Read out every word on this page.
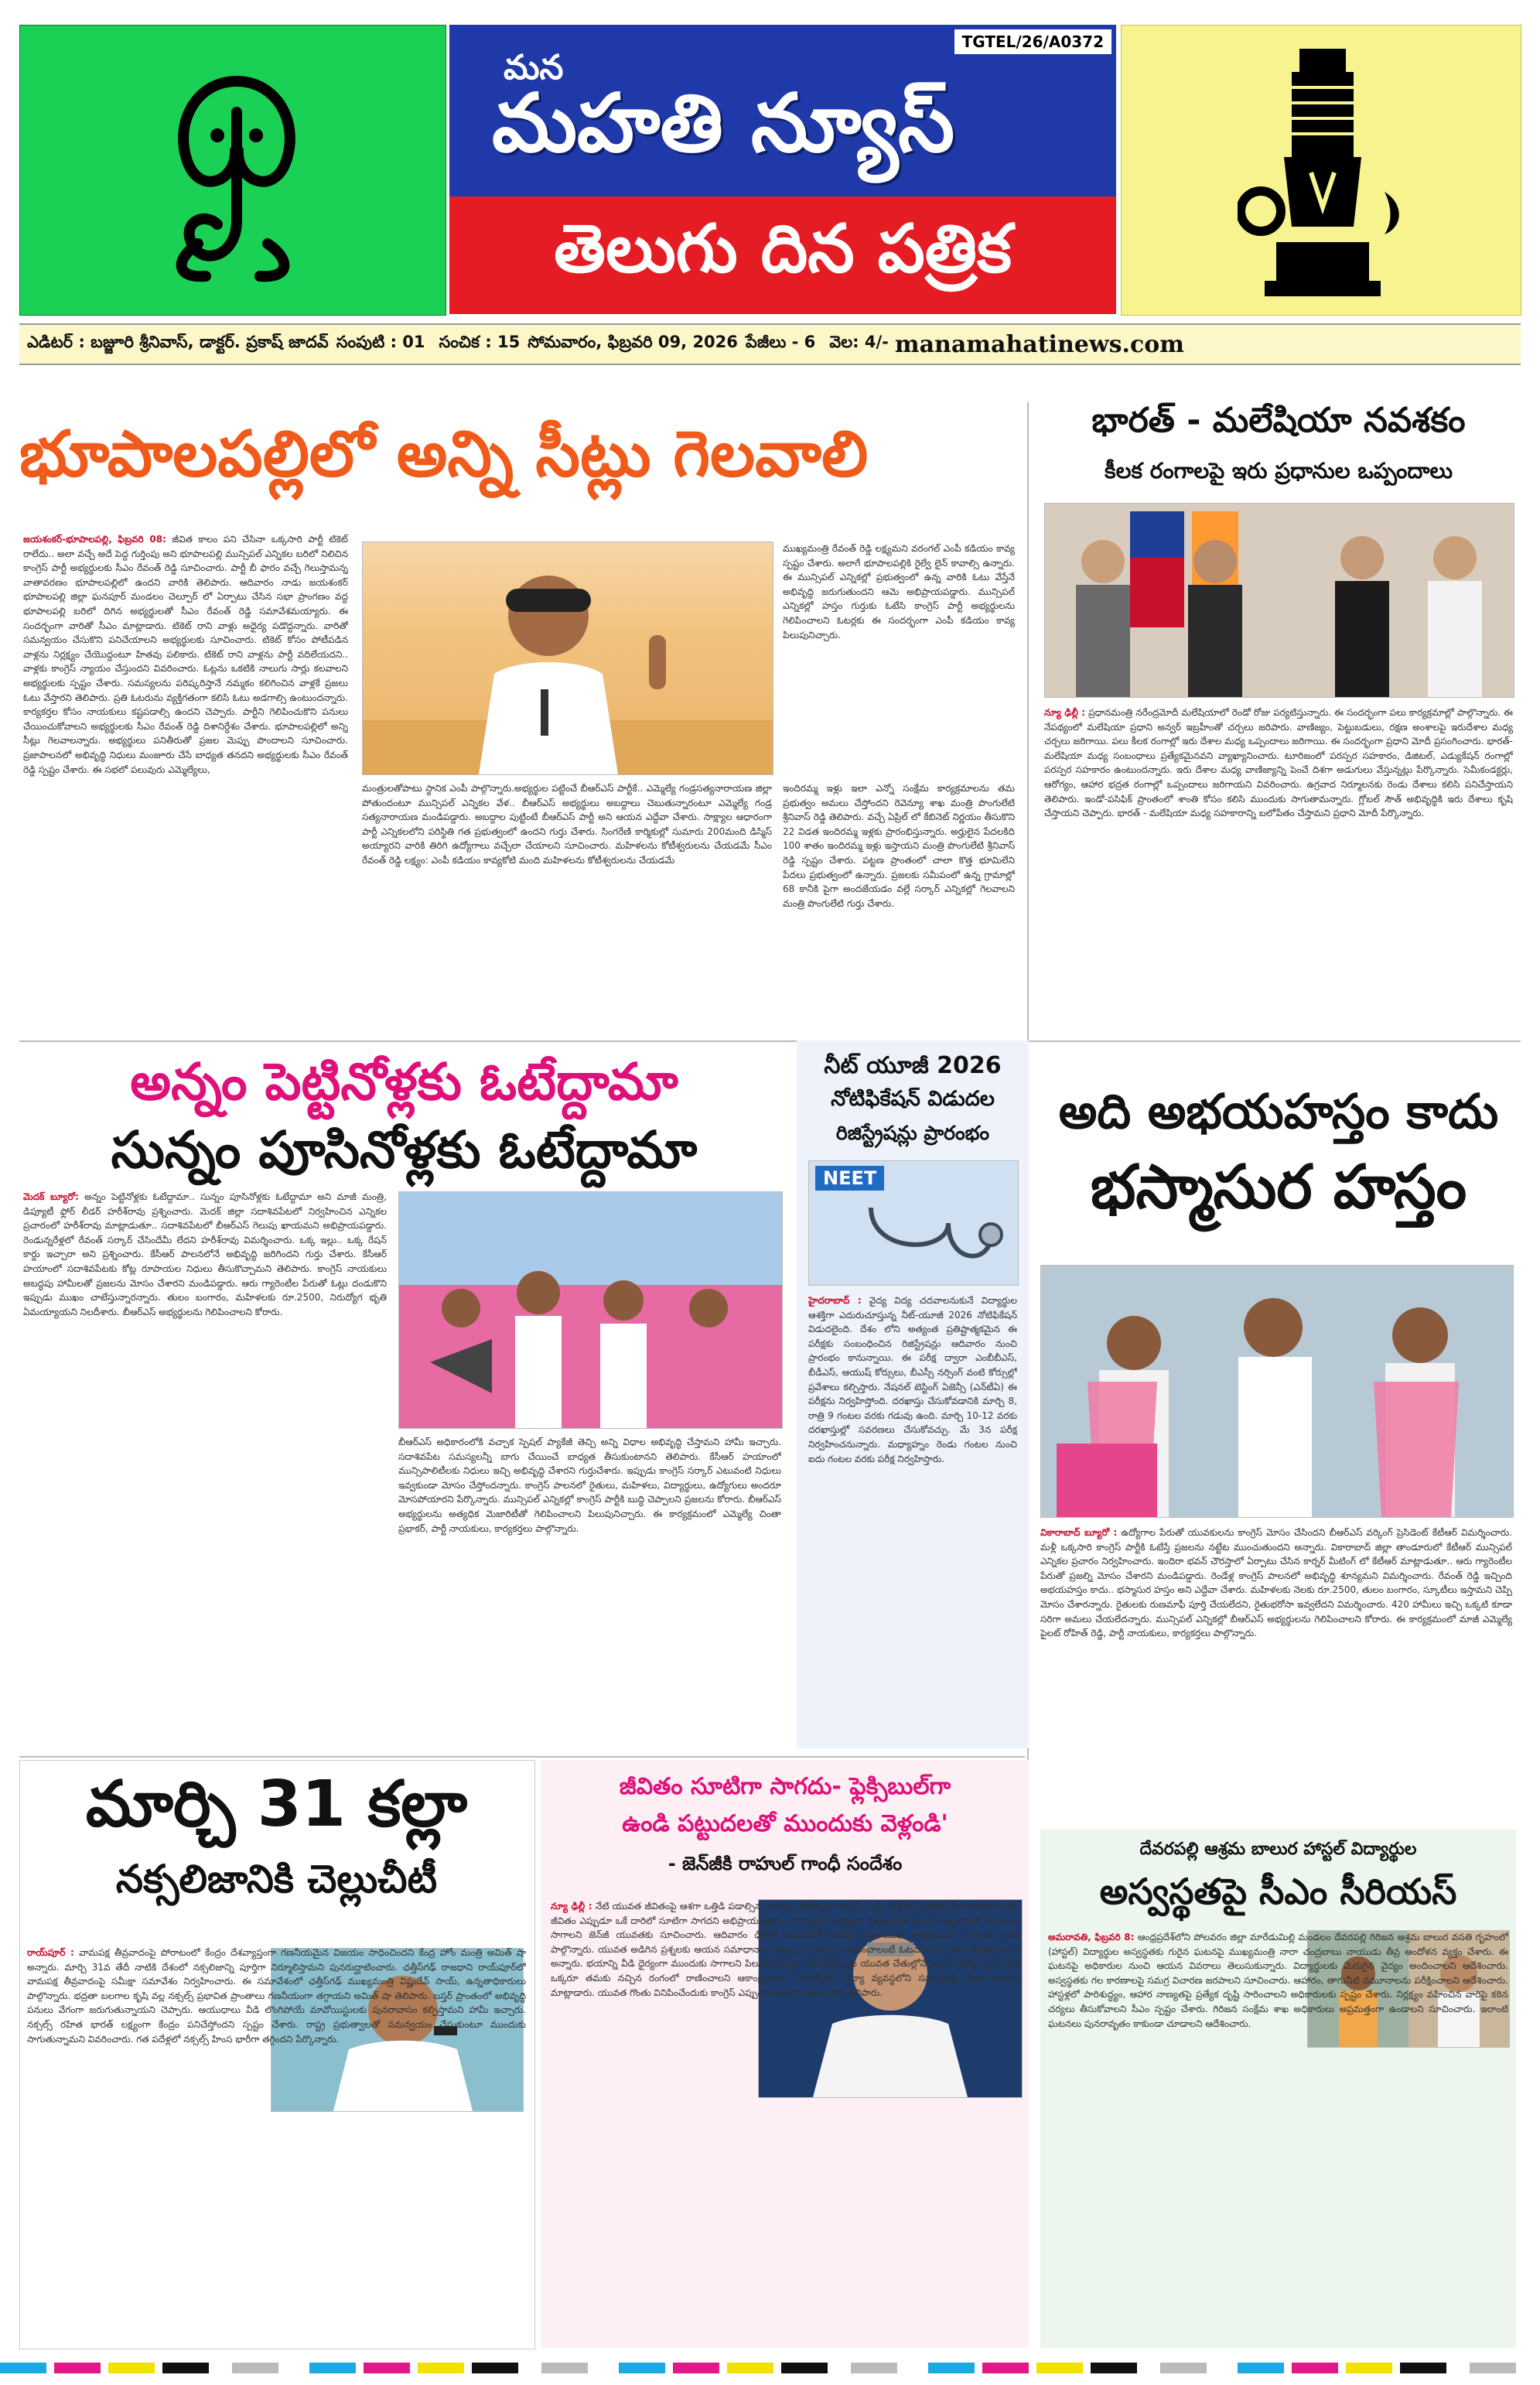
TGTEL/26/A0372
మన
మహతి న్యూస్
తెలుగు దిన పత్రిక
ఎడిటర్ : బజ్జూరి శ్రీనివాస్, డాక్టర్. ప్రకాష్ జాదవ్ సంపుటి : 01 సంచిక : 15 సోమవారం, ఫిబ్రవరి 09, 2026 పేజీలు - 6 వెల: 4/- manamahatinews.com
భూపాలపల్లిలో అన్ని సీట్లు గెలవాలి
జయశంకర్-భూపాలపల్లి, ఫిబ్రవరి 08: జీవిత కాలం పని చేసినా ఒక్కసారి పార్టీ టికెట్ రాలేదు.. అలా వచ్చే అదే పెద్ద గుర్తింపు అని భూపాలపల్లి మున్సిపల్ ఎన్నికల బరిలో నిలిచిన కాంగ్రెస్ పార్టీ అభ్యర్థులకు సీఎం రేవంత్ రెడ్డి సూచించారు. పార్టీ బీ ఫారం వచ్చే గెలుస్తామన్న వాతావరణం భూపాలపల్లిలో ఉందని వారికి తెలిపారు. ఆదివారం నాడు జయశంకర్ భూపాలపల్లి జిల్లా ఘనపూర్ మండలం చెల్పూర్ లో ఏర్పాటు చేసిన సభా ప్రాంగణం వద్ద భూపాలపల్లి బరిలో దిగిన అభ్యర్థులతో సీఎం రేవంత్ రెడ్డి సమావేశమయ్యారు. ఈ సందర్భంగా వారితో సీఎం మాట్లాడారు. టికెట్ రాని వాళ్లు అధైర్య పడొద్దన్నారు. వారితో సమన్వయం చేసుకొని పనిచేయాలని అభ్యర్థులకు సూచించారు. టికెట్ కోసం పోటీపడిన వాళ్లను నిర్లక్ష్యం చేయొద్దంటూ హితవు పలికారు. టికెట్ రాని వాళ్లను పార్టీ వదిలేయదని.. వాళ్లకు కాంగ్రెస్ న్యాయం చేస్తుందని వివరించారు. ఓట్లను ఒకటికి నాలుగు సార్లు కలవాలని అభ్యర్థులకు స్పష్టం చేశారు. సమస్యలను పరిష్కరిస్తానే నమ్మకం కలిగించిన వాళ్లకే ప్రజలు ఓటు వేస్తారని తెలిపారు. ప్రతి ఓటరును వ్యక్తిగతంగా కలిసి ఓటు అడగాల్సి ఉంటుందన్నారు. కార్యకర్తల కోసం నాయకులు కష్టపడాల్సి ఉందని చెప్పారు. పార్టీని గెలిపించుకొని పనులు చేయించుకోవాలని అభ్యర్థులకు సీఎం రేవంత్ రెడ్డి దిశానిర్దేశం చేశారు. భూపాలపల్లిలో అన్ని సీట్లు గెలవాలన్నారు. అభ్యర్థులు పనితీరుతో ప్రజల మెప్పు పొందాలని సూచించారు. ప్రజాపాలనలో అభివృద్ధి నిధులు మంజూరు చేసే బాధ్యత తనదని అభ్యర్థులకు సీఎం రేవంత్ రెడ్డి స్పష్టం చేశారు. ఈ సభలో పలువురు ఎమ్మెల్యేలు,
మంత్రులతోపాటు స్థానిక ఎంపీ పాల్గొన్నారు.అభ్యర్థుల పట్టించే బీఆర్ఎస్ పార్టీకే.. ఎమ్మెల్యే గండ్రసత్యనారాయణ జిల్లా పోతుందంటూ మున్సిపల్ ఎన్నికల వేళ.. బీఆర్ఎస్ అభ్యర్థులు అబద్దాలు చెబుతున్నారంటూ ఎమ్మెల్యే గండ్ర సత్యనారాయణ మండిపడ్డారు. అబద్దాల పుట్టింటే బీఆర్ఎస్ పార్టీ అని ఆయన ఎద్దేవా చేశారు. సాక్ష్యాల ఆధారంగా పార్టీ ఎన్నికలలోని పరిస్థితి గత ప్రభుత్వంలో ఉందని గుర్తు చేశారు. సింగరేణి కార్మికుల్లో సుమారు 200మంది డిస్మిస్ అయ్యారని వారికి తిరిగి ఉద్యోగాలు వచ్చేలా చేయాలని సూచించారు. మహిళలను కోటీశ్వరులను చేయడమే సీఎం రేవంత్ రెడ్డి లక్ష్యం: ఎంపీ కడియం కావ్యకోటి మంది మహిళలను కోటీశ్వరులను చేయడమే
ముఖ్యమంత్రి రేవంత్ రెడ్డి లక్ష్యమని వరంగల్ ఎంపీ కడియం కావ్య స్పష్టం చేశారు. అలాగే భూపాలపల్లికి రైల్వే లైన్ కావాల్సి ఉన్నారు. ఈ మున్సిపల్ ఎన్నికల్లో ప్రభుత్వంలో ఉన్న వారికి ఓటు వేస్తేనే అభివృద్ధి జరుగుతుందని ఆమె అభిప్రాయపడ్డారు. మున్సిపల్ ఎన్నికల్లో హస్తం గుర్తుకు ఓటేసి కాంగ్రెస్ పార్టీ అభ్యర్థులను గెలిపించాలని ఓటర్లకు ఈ సందర్భంగా ఎంపీ కడియం కావ్య పిలుపునిచ్చారు.
ఇందిరమ్మ ఇళ్లు ఇలా ఎన్నో సంక్షేమ కార్యక్రమాలను తమ ప్రభుత్వం అమలు చేస్తోందని రెవెన్యూ శాఖ మంత్రి పొంగులేటి శ్రీనివాస్ రెడ్డి తెలిపారు. వచ్చే ఏప్రిల్ లో కేబినెట్ నిర్ణయం తీసుకొని 22 విడత ఇందిరమ్మ ఇళ్లకు ప్రారంభిస్తున్నారు. అర్హులైన పేదలకిది 100 శాతం ఇందిరమ్మ ఇళ్లు ఇస్తాయని మంత్రి పొంగులేటి శ్రీనివాస్ రెడ్డి స్పష్టం చేశారు. పట్టణ ప్రాంతంలో చాలా కొత్త భూమిలేని పేదలు ప్రభుత్వంలో ఉన్నారు. ప్రజలకు సమీపంలో ఉన్న గ్రామాల్లో 68 కానీకి పైగా అందజేయడం వల్లే సర్కార్ ఎన్నికల్లో గెలవాలని మంత్రి పొంగులేటి గుర్తు చేశారు.
భారత్ - మలేషియా నవశకం
కీలక రంగాలపై ఇరు ప్రధానుల ఒప్పందాలు
న్యూ ఢిల్లీ : ప్రధానమంత్రి నరేంద్రమోదీ మలేషియాలో రెండో రోజు పర్యటిస్తున్నారు. ఈ సందర్భంగా పలు కార్యక్రమాల్లో పాల్గొన్నారు. ఈ నేపథ్యంలో మలేషియా ప్రధాని అన్వర్ ఇబ్రహీంతో చర్చలు జరిపారు. వాణిజ్యం, పెట్టుబడులు, రక్షణ అంశాలపై ఇరుదేశాల మధ్య చర్చలు జరిగాయి. పలు కీలక రంగాల్లో ఇరు దేశాల మధ్య ఒప్పందాలు జరిగాయి. ఈ సందర్భంగా ప్రధాని మోదీ ప్రసంగించారు. భారత్-మలేషియా మధ్య సంబంధాలు ప్రత్యేకమైనవని వ్యాఖ్యానించారు. టూరిజంలో పరస్పర సహకారం, డిజిటల్, ఎడ్యుకేషన్ రంగాల్లో పరస్పర సహకారం ఉంటుందన్నారు. ఇరు దేశాల మధ్య వాణిజ్యాన్ని పెంచే దిశగా అడుగులు వేస్తున్నట్లు పేర్కొన్నారు. సెమీకండక్టర్లు, ఆరోగ్యం, ఆహార భద్రత రంగాల్లో ఒప్పందాలు జరిగాయని వివరించారు. ఉగ్రవాద నిర్మూలనకు రెండు దేశాలు కలిసి పనిచేస్తాయని తెలిపారు. ఇండో-పసిఫిక్ ప్రాంతంలో శాంతి కోసం కలిసి ముందుకు సాగుతామన్నారు. గ్లోబల్ సౌత్ అభివృద్ధికి ఇరు దేశాలు కృషి చేస్తాయని చెప్పారు. భారత్ - మలేషియా మధ్య సహకారాన్ని బలోపేతం చేస్తామని ప్రధాని మోదీ పేర్కొన్నారు.
అన్నం పెట్టినోళ్లకు ఓటేద్దామా
సున్నం పూసినోళ్లకు ఓటేద్దామా
మెదక్ బ్యూరో: అన్నం పెట్టినోళ్లకు ఓటేద్దామా.. సున్నం పూసినోళ్లకు ఓటేద్దామా అని మాజీ మంత్రి, డిప్యూటీ ఫ్లోర్ లీడర్ హరీశ్‌రావు ప్రశ్నించారు. మెదక్ జిల్లా సదాశివపేటలో నిర్వహించిన ఎన్నికల ప్రచారంలో హరీశ్‌రావు మాట్లాడుతూ.. సదాశివపేటలో బీఆర్ఎస్ గెలుపు ఖాయమని అభిప్రాయపడ్డారు. రెండున్నరేళ్లలో రేవంత్ సర్కార్ చేసిందేమీ లేదని హరీశ్‌రావు విమర్శించారు. ఒక్క ఇల్లు.. ఒక్క రేషన్ కార్డు ఇచ్చారా అని ప్రశ్నించారు. కేసీఆర్ పాలనలోనే అభివృద్ధి జరిగిందని గుర్తు చేశారు. కేసీఆర్ హయాంలో సదాశివపేటకు కోట్ల రూపాయల నిధులు తీసుకొచ్చామని తెలిపారు. కాంగ్రెస్ నాయకులు అబద్ధపు హామీలతో ప్రజలను మోసం చేశారని మండిపడ్డారు. ఆరు గ్యారెంటీల పేరుతో ఓట్లు దండుకొని ఇప్పుడు ముఖం చాటేస్తున్నారన్నారు. తులం బంగారం, మహిళలకు రూ.2500, నిరుద్యోగ భృతి ఏమయ్యాయని నిలదీశారు. బీఆర్ఎస్ అభ్యర్థులను గెలిపించాలని కోరారు.
బీఆర్ఎస్ అధికారంలోకి వచ్చాక స్పెషల్ ప్యాకేజీ తెచ్చి అన్ని విధాల అభివృద్ధి చేస్తామని హామీ ఇచ్చారు. సదాశివపేట సమస్యలన్నీ బాగు చేయించే బాధ్యత తీసుకుంటానని తెలిపారు. కేసీఆర్ హయాంలో మున్సిపాలిటీలకు నిధులు ఇచ్చి అభివృద్ధి చేశారని గుర్తుచేశారు. ఇప్పుడు కాంగ్రెస్ సర్కార్ ఎటువంటి నిధులు ఇవ్వకుండా మోసం చేస్తోందన్నారు. కాంగ్రెస్ పాలనలో రైతులు, మహిళలు, విద్యార్థులు, ఉద్యోగులు అందరూ మోసపోయారని పేర్కొన్నారు. మున్సిపల్ ఎన్నికల్లో కాంగ్రెస్ పార్టీకి బుద్ధి చెప్పాలని ప్రజలను కోరారు. బీఆర్ఎస్ అభ్యర్థులను అత్యధిక మెజారిటీతో గెలిపించాలని పిలుపునిచ్చారు. ఈ కార్యక్రమంలో ఎమ్మెల్యే చింతా ప్రభాకర్, పార్టీ నాయకులు, కార్యకర్తలు పాల్గొన్నారు.
నీట్ యూజీ 2026
నోటిఫికేషన్ విడుదల
రిజిస్ట్రేషన్లు ప్రారంభం
NEET
హైదరాబాద్ : వైద్య విద్య చదవాలనుకునే విద్యార్థుల ఆశక్తిగా ఎదురుచూస్తున్న నీట్-యూజీ 2026 నోటిఫికేషన్ విడుదలైంది. దేశం లోని అత్యంత ప్రతిష్టాత్మకమైన ఈ పరీక్షకు సంబంధించిన రిజిస్ట్రేషన్లు ఆదివారం నుంచి ప్రారంభం కానున్నాయి. ఈ పరీక్ష ద్వారా ఎంబీబీఎస్, బీడీఎస్, ఆయుష్ కోర్సులు, బీఎస్సీ నర్సింగ్ వంటి కోర్సుల్లో ప్రవేశాలు కల్పిస్తారు. నేషనల్ టెస్టింగ్ ఏజెన్సీ (ఎన్‌టీఏ) ఈ పరీక్షను నిర్వహిస్తోంది. దరఖాస్తు చేసుకోవడానికి మార్చి 8, రాత్రి 9 గంటల వరకు గడువు ఉంది. మార్చి 10-12 వరకు దరఖాస్తుల్లో సవరణలు చేసుకోవచ్చు. మే 3న పరీక్ష నిర్వహించనున్నారు. మధ్యాహ్నం రెండు గంటల నుంచి ఐదు గంటల వరకు పరీక్ష నిర్వహిస్తారు.
అది అభయహస్తం కాదు
భస్మాసుర హస్తం
వికారాబాద్ బ్యూరో : ఉద్యోగాల పేరుతో యువకులను కాంగ్రెస్ మోసం చేసిందని బీఆర్ఎస్ వర్కింగ్ ప్రెసిడెంట్ కేటీఆర్ విమర్శించారు. మళ్లీ ఒక్కసారి కాంగ్రెస్ పార్టీకి ఓటేస్తే ప్రజలను నట్టేట ముంచుతుందని అన్నారు. వికారాబాద్ జిల్లా తాండూరులో కేటీఆర్ మున్సిపల్ ఎన్నికల ప్రచారం నిర్వహించారు. ఇందిరా భవన్ చౌరస్తాలో ఏర్పాటు చేసిన కార్నర్ మీటింగ్ లో కేటీఆర్ మాట్లాడుతూ.. ఆరు గ్యారెంటీల పేరుతో ప్రజల్ని మోసం చేశారని మండిపడ్డారు. రెండేళ్ల కాంగ్రెస్ పాలనలో అభివృద్ధి శూన్యమని విమర్శించారు. రేవంత్ రెడ్డి ఇచ్చింది అభయహస్తం కాదు.. భస్మాసుర హస్తం అని ఎద్దేవా చేశారు. మహిళలకు నెలకు రూ.2500, తులం బంగారం, స్కూటీలు ఇస్తామని చెప్పి మోసం చేశారన్నారు. రైతులకు రుణమాఫీ పూర్తి చేయలేదని, రైతుభరోసా ఇవ్వలేదని విమర్శించారు. 420 హామీలు ఇచ్చి ఒక్కటి కూడా సరిగా అమలు చేయలేదన్నారు. మున్సిపల్ ఎన్నికల్లో బీఆర్ఎస్ అభ్యర్థులను గెలిపించాలని కోరారు. ఈ కార్యక్రమంలో మాజీ ఎమ్మెల్యే పైలట్ రోహిత్ రెడ్డి, పార్టీ నాయకులు, కార్యకర్తలు పాల్గొన్నారు.
మార్చి 31 కల్లా
నక్సలిజానికి చెల్లుచీటీ
రాయ్‌పూర్ : వామపక్ష తీవ్రవాదంపై పోరాటంలో కేంద్రం దేశవ్యాప్తంగా గణనీయమైన విజయం సాధించిందని కేంద్ర హోం మంత్రి అమిత్ షా అన్నారు. మార్చి 31వ తేదీ నాటికి దేశంలో నక్సలిజాన్ని పూర్తిగా నిర్మూలిస్తామని పునరుద్ఘాటించారు. ఛత్తీస్‌గఢ్ రాజధాని రాయ్‌పూర్‌లో వామపక్ష తీవ్రవాదంపై సమీక్షా సమావేశం నిర్వహించారు. ఈ సమావేశంలో ఛత్తీస్‌గఢ్ ముఖ్యమంత్రి విష్ణుదేవ్ సాయ్, ఉన్నతాధికారులు పాల్గొన్నారు. భద్రతా బలగాల కృషి వల్ల నక్సల్స్ ప్రభావిత ప్రాంతాలు గణనీయంగా తగ్గాయని అమిత్ షా తెలిపారు. బస్తర్ ప్రాంతంలో అభివృద్ధి పనులు వేగంగా జరుగుతున్నాయని చెప్పారు. ఆయుధాలు వీడి లొంగిపోయే మావోయిస్టులకు పునరావాసం కల్పిస్తామని హామీ ఇచ్చారు. నక్సల్స్ రహిత భారత్ లక్ష్యంగా కేంద్రం పనిచేస్తోందని స్పష్టం చేశారు. రాష్ట్ర ప్రభుత్వాలతో సమన్వయం చేసుకుంటూ ముందుకు సాగుతున్నామని వివరించారు. గత పదేళ్లలో నక్సల్స్ హింస భారీగా తగ్గిందని పేర్కొన్నారు.
జీవితం సూటిగా సాగదు- ఫ్లెక్సిబుల్‌గా
ఉండి పట్టుదలతో ముందుకు వెళ్లండి'
- జెన్‌జీకి రాహుల్ గాంధీ సందేశం
న్యూ ఢిల్లీ : నేటి యువత జీవితంపై ఆశగా ఒత్తిడి పడాల్సిన అవసరం లేదన్నారు కాంగ్రెస్ ఎంపీ, లోక్‌సభ ప్రతిపక్ష నేత రాహుల్ గాంధీ. జీవితం ఎప్పుడూ ఒకే దారిలో సూటిగా సాగదని అభిప్రాయపడ్డారు. మార్పులకు తగ్గట్టుగా ఫ్లెక్సిబుల్‌గా ఉంటూ పట్టుదలతో ముందుకు సాగాలని జెన్‌జీ యువతకు సూచించారు. ఆదివారం ఢిల్లీలో యువతతో జరిగిన ముఖాముఖి కార్యక్రమంలో రాహుల్ గాంధీ పాల్గొన్నారు. యువత అడిగిన ప్రశ్నలకు ఆయన సమాధానాలు ఇచ్చారు. విజయం సాధించాలంటే ఓటములను కూడా స్వీకరించాలని అన్నారు. భయాన్ని వీడి ధైర్యంగా ముందుకు సాగాలని పిలుపునిచ్చారు. దేశ భవిష్యత్తు యువత చేతుల్లోనే ఉందని పేర్కొన్నారు. ప్రతి ఒక్కరూ తమకు నచ్చిన రంగంలో రాణించాలని ఆకాంక్షించారు. నిరుద్యోగం, విద్యా వ్యవస్థలోని సమస్యలపై కూడా ఆయన మాట్లాడారు. యువత గొంతు వినిపించేందుకు కాంగ్రెస్ ఎప్పుడూ అండగా ఉంటుందని తెలిపారు.
దేవరపల్లి ఆశ్రమ బాలుర హాస్టల్ విద్యార్థుల
అస్వస్థతపై సీఎం సీరియస్
అమరావతి, ఫిబ్రవరి 8: ఆంధ్రప్రదేశ్‌లోని పోలవరం జిల్లా మారేడుమిల్లి మండలం దేవరపల్లి గిరిజన ఆశ్రమ బాలుర వసతి గృహంలో (హాస్టల్) విద్యార్థుల అస్వస్థతకు గురైన ఘటనపై ముఖ్యమంత్రి నారా చంద్రబాబు నాయుడు తీవ్ర ఆందోళన వ్యక్తం చేశారు. ఈ ఘటనపై అధికారుల నుంచి ఆయన వివరాలు తెలుసుకున్నారు. విద్యార్థులకు మెరుగైన వైద్యం అందించాలని ఆదేశించారు. అస్వస్థతకు గల కారణాలపై సమగ్ర విచారణ జరపాలని సూచించారు. ఆహారం, తాగునీటి నమూనాలను పరీక్షించాలని ఆదేశించారు. హాస్టళ్లలో పారిశుద్ధ్యం, ఆహార నాణ్యతపై ప్రత్యేక దృష్టి సారించాలని అధికారులకు స్పష్టం చేశారు. నిర్లక్ష్యం వహించిన వారిపై కఠిన చర్యలు తీసుకోవాలని సీఎం స్పష్టం చేశారు. గిరిజన సంక్షేమ శాఖ అధికారులు అప్రమత్తంగా ఉండాలని సూచించారు. ఇలాంటి ఘటనలు పునరావృతం కాకుండా చూడాలని ఆదేశించారు.
